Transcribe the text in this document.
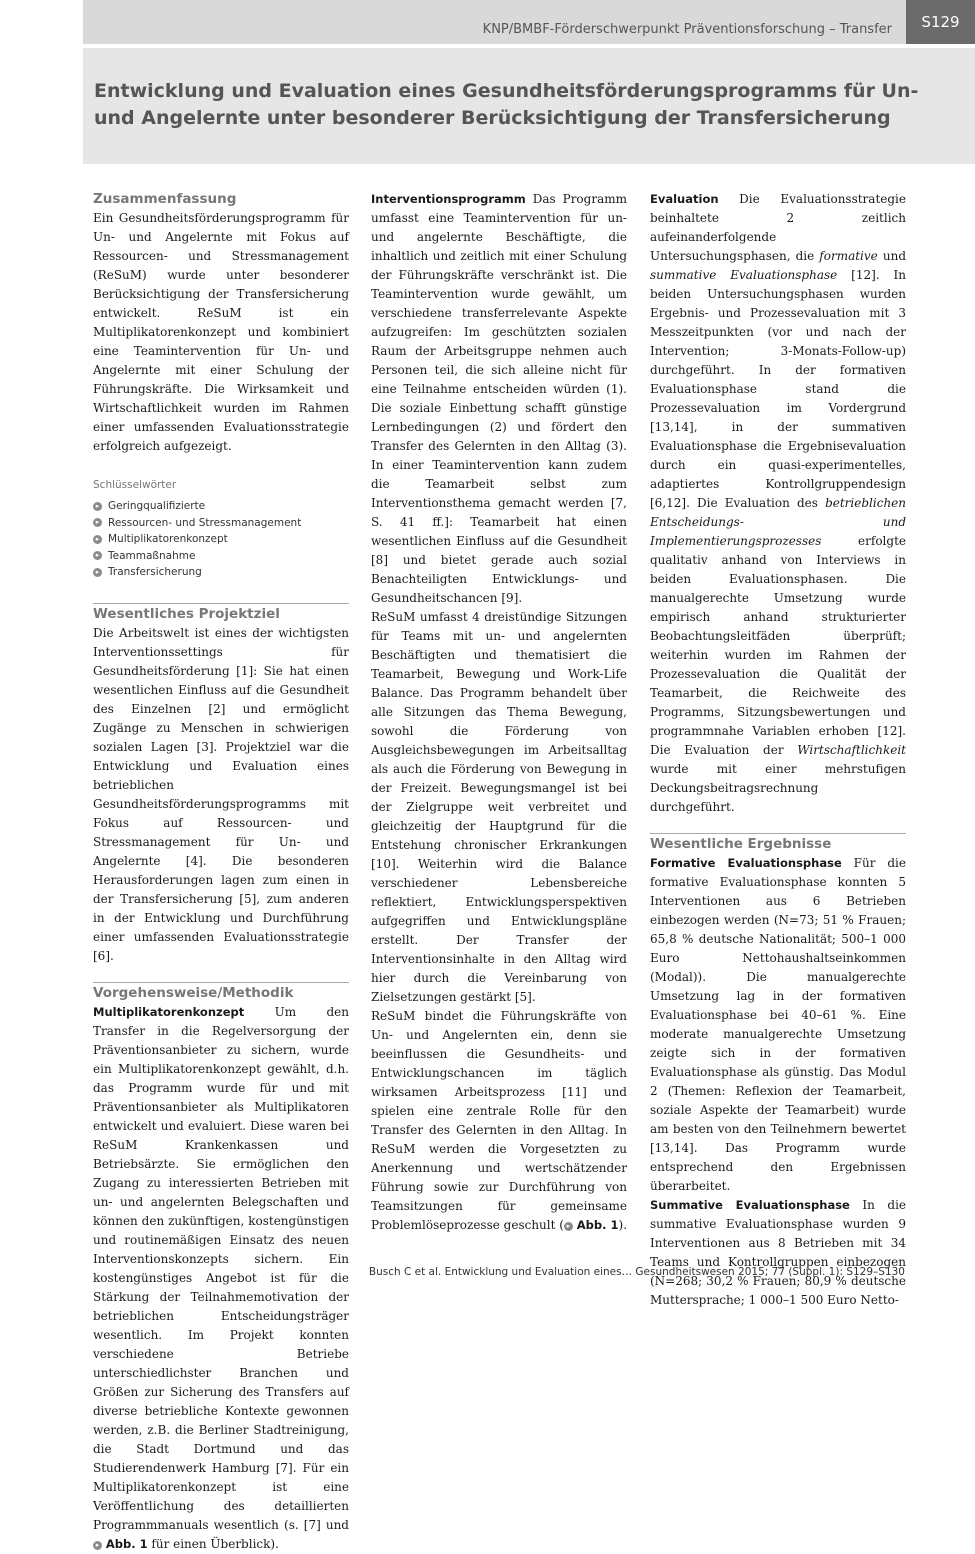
KNP/BMBF-Förderschwerpunkt Präventionsforschung – Transfer	S129
Entwicklung und Evaluation eines Gesundheitsförderungsprogramms für Un- und Angelernte unter besonderer Berücksichtigung der Transfersicherung
Zusammenfassung

Ein Gesundheitsförderungsprogramm für Un- und Angelernte mit Fokus auf Ressourcen- und Stressmanagement (ReSuM) wurde unter besonderer Berücksichtigung der Transfersicherung entwickelt. ReSuM ist ein Multiplikatorenkonzept und kombiniert eine Teamintervention für Un- und Angelernte mit einer Schulung der Führungskräfte. Die Wirksamkeit und Wirtschaftlichkeit wurden im Rahmen einer umfassenden Evaluationsstrategie erfolgreich aufgezeigt.

Schlüsselwörter
▸ Geringqualifizierte
▸ Ressourcen- und Stressmanagement
▸ Multiplikatorenkonzept
▸ Teammaßnahme
▸ Transfersicherung
Wesentliches Projektziel

Die Arbeitswelt ist eines der wichtigsten Interventionssettings für Gesundheitsförderung [1]: Sie hat einen wesentlichen Einfluss auf die Gesundheit des Einzelnen [2] und ermöglicht Zugänge zu Menschen in schwierigen sozialen Lagen [3]. Projektziel war die Entwicklung und Evaluation eines betrieblichen Gesundheitsförderungsprogramms mit Fokus auf Ressourcen- und Stressmanagement für Un- und Angelernte [4]. Die besonderen Herausforderungen lagen zum einen in der Transfersicherung [5], zum anderen in der Entwicklung und Durchführung einer umfassenden Evaluationsstrategie [6].

Vorgehensweise/Methodik

Multiplikatorenkonzept Um den Transfer in die Regelversorgung der Präventionsanbieter zu sichern, wurde ein Multiplikatorenkonzept gewählt, d.h. das Programm wurde für und mit Präventionsanbieter als Multiplikatoren entwickelt und evaluiert. Diese waren bei ReSuM Krankenkassen und Betriebsärzte. Sie ermöglichen den Zugang zu interessierten Betrieben mit un- und angelernten Belegschaften und können den zukünftigen, kostengünstigen und routinemäßigen Einsatz des neuen Interventionskonzepts sichern. Ein kostengünstiges Angebot ist für die Stärkung der Teilnahmemotivation der betrieblichen Entscheidungsträger wesentlich. Im Projekt konnten verschiedene Betriebe unterschiedlichster Branchen und Größen zur Sicherung des Transfers auf diverse betriebliche Kontexte gewonnen werden, z.B. die Berliner Stadtreinigung, die Stadt Dortmund und das Studierendenwerk Hamburg [7]. Für ein Multiplikatorenkonzept ist eine Veröffentlichung des detaillierten Programmmanuals wesentlich (s. [7] und ▸ Abb. 1 für einen Überblick).

Interventionsprogramm Das Programm umfasst eine Teamintervention für un- und angelernte Beschäftigte, die inhaltlich und zeitlich mit einer Schulung der Führungskräfte verschränkt ist. Die Teamintervention wurde gewählt, um verschiedene transferrelevante Aspekte aufzugreifen: Im geschützten sozialen Raum der Arbeitsgruppe nehmen auch Personen teil, die sich alleine nicht für eine Teilnahme entscheiden würden (1). Die soziale Einbettung schafft günstige Lernbedingungen (2) und fördert den Transfer des Gelernten in den Alltag (3). In einer Teamintervention kann zudem die Teamarbeit selbst zum Interventionsthema gemacht werden [7, S. 41 ff.]: Teamarbeit hat einen wesentlichen Einfluss auf die Gesundheit [8] und bietet gerade auch sozial Benachteiligten Entwicklungs- und Gesundheitschancen [9].

ReSuM umfasst 4 dreistündige Sitzungen für Teams mit un- und angelernten Beschäftigten und thematisiert die Teamarbeit, Bewegung und Work-Life Balance. Das Programm behandelt über alle Sitzungen das Thema Bewegung, sowohl die Förderung von Ausgleichsbewegungen im Arbeitsalltag als auch die Förderung von Bewegung in der Freizeit. Bewegungsmangel ist bei der Zielgruppe weit verbreitet und gleichzeitig der Hauptgrund für die Entstehung chronischer Erkrankungen [10]. Weiterhin wird die Balance verschiedener Lebensbereiche reflektiert, Entwicklungsperspektiven aufgegriffen und Entwicklungspläne erstellt. Der Transfer der Interventionsinhalte in den Alltag wird hier durch die Vereinbarung von Zielsetzungen gestärkt [5].

ReSuM bindet die Führungskräfte von Un- und Angelernten ein, denn sie beeinflussen die Gesundheits- und Entwicklungschancen im täglich wirksamen Arbeitsprozess [11] und spielen eine zentrale Rolle für den Transfer des Gelernten in den Alltag. In ReSuM werden die Vorgesetzten zu Anerkennung und wertschätzender Führung sowie zur Durchführung von Teamsitzungen für gemeinsame Problemlöseprozesse geschult ( ▸ Abb. 1).

Evaluation Die Evaluationsstrategie beinhaltete 2 zeitlich aufeinanderfolgende Untersuchungsphasen, die formative und summative Evaluationsphase [12]. In beiden Untersuchungsphasen wurden Ergebnis- und Prozessevaluation mit 3 Messzeitpunkten (vor und nach der Intervention; 3-Monats-Follow-up) durchgeführt. In der formativen Evaluationsphase stand die Prozessevaluation im Vordergrund [13,14], in der summativen Evaluationsphase die Ergebnisevaluation durch ein quasi-experimentelles, adaptiertes Kontrollgruppendesign [6,12]. Die Evaluation des betrieblichen Entscheidungs- und Implementierungsprozesses erfolgte qualitativ anhand von Interviews in beiden Evaluationsphasen. Die manualgerechte Umsetzung wurde empirisch anhand strukturierter Beobachtungsleitfäden überprüft; weiterhin wurden im Rahmen der Prozessevaluation die Qualität der Teamarbeit, die Reichweite des Programms, Sitzungsbewertungen und programmnahe Variablen erhoben [12]. Die Evaluation der Wirtschaftlichkeit wurde mit einer mehrstufigen Deckungsbeitragsrechnung durchgeführt.

Wesentliche Ergebnisse

Formative Evaluationsphase Für die formative Evaluationsphase konnten 5 Interventionen aus 6 Betrieben einbezogen werden (N=73; 51 % Frauen; 65,8 % deutsche Nationalität; 500–1 000 Euro Nettohaushaltseinkommen (Modal)). Die manualgerechte Umsetzung lag in der formativen Evaluationsphase bei 40–61 %. Eine moderate manualgerechte Umsetzung zeigte sich in der formativen Evaluationsphase als günstig. Das Modul 2 (Themen: Reflexion der Teamarbeit, soziale Aspekte der Teamarbeit) wurde am besten von den Teilnehmern bewertet [13,14]. Das Programm wurde entsprechend den Ergebnissen überarbeitet.

Summative Evaluationsphase In die summative Evaluationsphase wurden 9 Interventionen aus 8 Betrieben mit 34 Teams und Kontrollgruppen einbezogen (N=268; 30,2 % Frauen; 80,9 % deutsche Muttersprache; 1 000–1 500 Euro Netto-

Busch C et al. Entwicklung und Evaluation eines… Gesundheitswesen 2015; 77 (Suppl. 1): S129–S130
